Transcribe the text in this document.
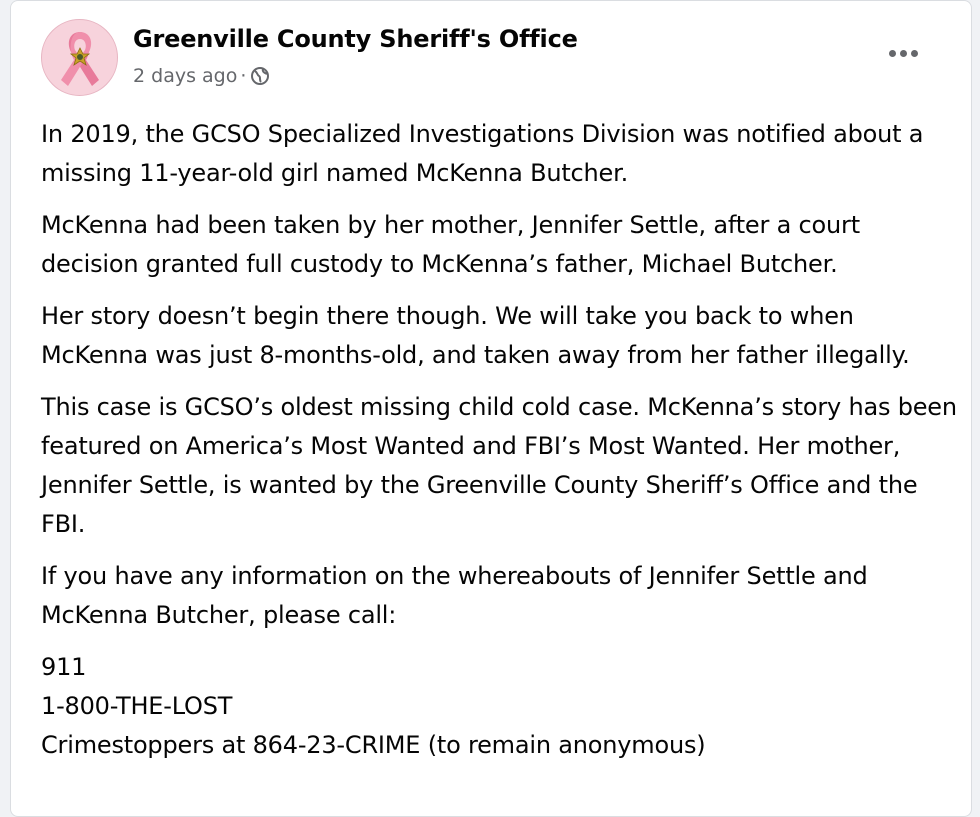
Greenville County Sheriff's Office
2 days ago ·

In 2019, the GCSO Specialized Investigations Division was notified about a missing 11-year-old girl named McKenna Butcher.

McKenna had been taken by her mother, Jennifer Settle, after a court decision granted full custody to McKenna’s father, Michael Butcher.

Her story doesn’t begin there though. We will take you back to when McKenna was just 8-months-old, and taken away from her father illegally.

This case is GCSO’s oldest missing child cold case. McKenna’s story has been featured on America’s Most Wanted and FBI’s Most Wanted. Her mother, Jennifer Settle, is wanted by the Greenville County Sheriff’s Office and the FBI.

If you have any information on the whereabouts of Jennifer Settle and McKenna Butcher, please call:

911
1-800-THE-LOST
Crimestoppers at 864-23-CRIME (to remain anonymous)
